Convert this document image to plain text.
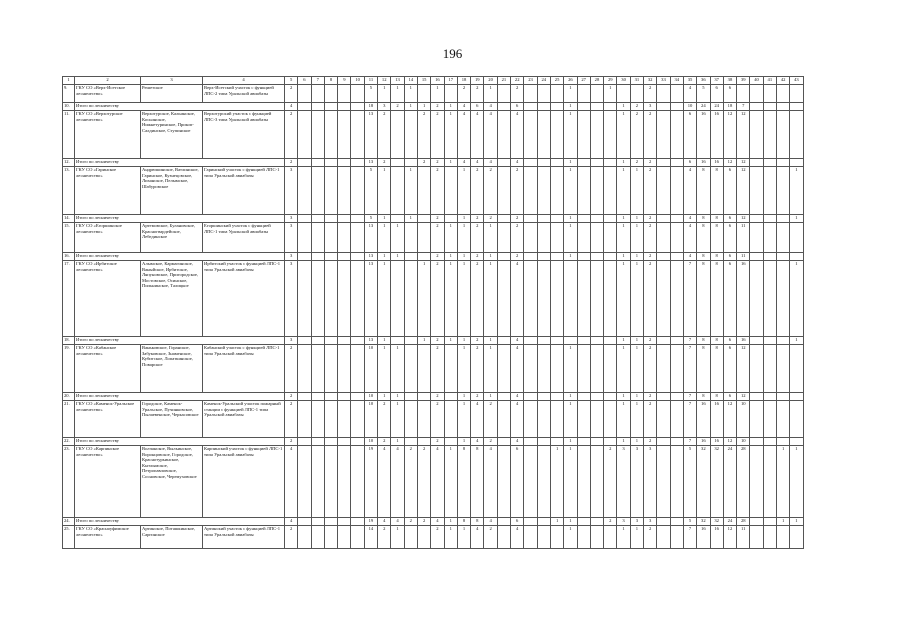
196
1	2	3	4	5	6	7	8	9	10	11	12	13	14	15	16	17	18	19	20	21	22	23	24	25	26	27	28	29	30	31	32	33	34	35	36	37	38	39	40	41	42	43
9.	ГКУ СО «Верх-Исетское лесничество»	Решетское	Верх-Исетский участок с функцией ЛПС-2 типа Уральской авиабазы	2						5	1	1	1		1		2	2	1		2				1			1			2			4	5	6	6					
10.	Итого по лесничеству			4						18	3	2	1	1	2	1	4	6	4		6				1				1	2	3			10	24	24	18	7				
11.	ГКУ СО «Верхотурское лесничество»	Верхотурское, Кальинское, Косьинское, Нижнетуринское, Прокоп-Салдинское, Ступинское	Верхотурский участок с функцией ЛПС-3 типа Уральской авиабазы	2						13	2			2	2	1	4	4	4		4				1				1	2	2			6	16	16	12	12				
12.	Итого по лесничеству			2						13	2			2	2	1	4	4	4		4				1				1	2	2			6	16	16	12	12				
13.	ГКУ СО «Гаринское лесничество»	Андрюшинское, Ватлинское, Гаринское, Кузнецовское, Лиханское, Пелымское, Шабуровское	Гаринский участок с функцией ЛПС-1 типа Уральской авиабазы	3						5	1		1		2		1	2	2		2				1				1	1	2			4	8	8	6	12				1
14.	Итого по лесничеству			3						5	1		1		2		1	2	2		2				1				1	1	2			4	8	8	6	12				1
15.	ГКУ СО «Егоршинское лесничество»	Артемовское, Булановское, Красногвардейское, Лебединское	Егоршинский участок с функцией ЛПС-1 типа Уральской авиабазы	3						13	1	1			2	1	1	2	1		2				1				1	1	2			4	8	8	6	11				
16.	Итого по лесничеству			3						13	1	1			2	1	1	2	1		2				1				1	1	2			4	8	8	6	11				
17.	ГКУ СО «Ирбитское лесничество»	Алымское, Кармагинское, Ваныйское, Ирбитское, Ляпуновское, Пригородское, Мостовское, Осинское, Пильнинское, Талицкое	Ирбитский участок с функцией ЛПС-1 типа Уральской авиабазы	3						13	1			1	2	1	1	2	1		4								1	1	2			7	8	8	6	16				1
18.	Итого по лесничеству			3						13	1			1	2	1	1	2	1		4								1	1	2			7	8	8	6	16				1
19.	ГКУ СО «Кабанское лесничество»	Ваньковское, Горанское, Забуковское, Знаменское, Кубитское, Лопаткинское, Поварское	Кабанский участок с функцией ЛПС-1 типа Уральской авиабазы	2						10	1	1			2		1	2	1		4				1				1	1	2			7	8	8	6	12				
20.	Итого по лесничеству			2						10	1	1			2		1	2	1		4				1				1	1	2			7	8	8	6	12				
21.	ГКУ СО «Каменск-Уральское лесничество»	Городское, Каменск-Уральское, Пучинковское, Пылаевенское, Черкасовское	Каменск-Уральский участок пожарный станции с функцией ЛПС-1 типа Уральской авиабазы	2						10	2	1			2		1	4	2		4				1				1	1	2			7	16	16	12	10				
22.	Итого по лесничеству			2						10	2	1			2		1	4	2		4				1				1	1	2			7	16	16	12	10				
23.	ГКУ СО «Карпинское лесничество»	Волчанское, Выльинское, Воронцовское, Городское, Краснотурьинское, Кытлымское, Петропавловское, Сосновское, Черемуховское	Карпинский участок с функцией ЛПС-1 типа Уральской авиабазы	4						19	4	4	2	2	4	1	8	8	4		6			1	1			2	3	3	3			5	32	32	24	28			1	1
24.	Итого по лесничеству			4						19	4	4	2	2	4	1	8	8	4		6			1	1			2	3	3	3			5	32	32	24	28			1	1
25.	ГКУ СО «Красноуфимское лесничество»	Артинское, Поташкинское, Саргинское	Артинский участок с функцией ЛПС-1 типа Уральской авиабазы	2						14	2	1			2	1	1	4	2		4				1				1	1	2			7	16	16	12	11				
